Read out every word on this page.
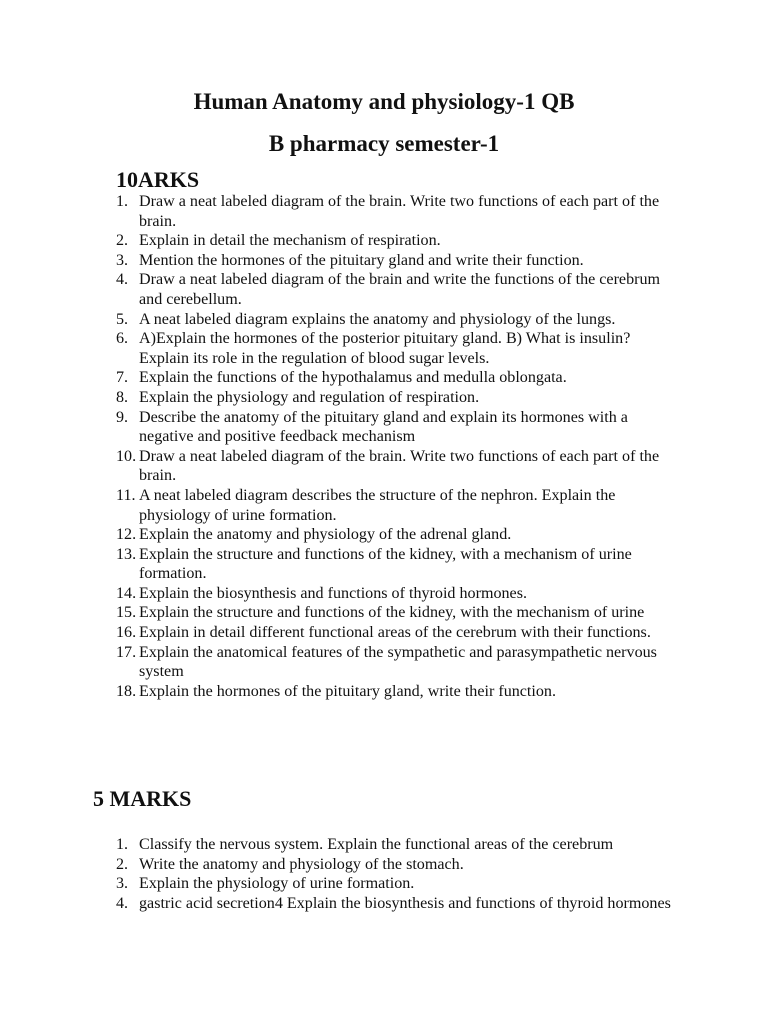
Human Anatomy and physiology-1 QB
B pharmacy semester-1
10ARKS
1. Draw a neat labeled diagram of the brain. Write two functions of each part of the brain.
2. Explain in detail the mechanism of respiration.
3. Mention the hormones of the pituitary gland and write their function.
4. Draw a neat labeled diagram of the brain and write the functions of the cerebrum and cerebellum.
5. A neat labeled diagram explains the anatomy and physiology of the lungs.
6. A)Explain the hormones of the posterior pituitary gland. B) What is insulin? Explain its role in the regulation of blood sugar levels.
7. Explain the functions of the hypothalamus and medulla oblongata.
8. Explain the physiology and regulation of respiration.
9. Describe the anatomy of the pituitary gland and explain its hormones with a negative and positive feedback mechanism
10. Draw a neat labeled diagram of the brain. Write two functions of each part of the brain.
11. A neat labeled diagram describes the structure of the nephron. Explain the physiology of urine formation.
12. Explain the anatomy and physiology of the adrenal gland.
13. Explain the structure and functions of the kidney, with a mechanism of urine formation.
14. Explain the biosynthesis and functions of thyroid hormones.
15. Explain the structure and functions of the kidney, with the mechanism of urine
16. Explain in detail different functional areas of the cerebrum with their functions.
17. Explain the anatomical features of the sympathetic and parasympathetic nervous system
18. Explain the hormones of the pituitary gland, write their function.
5 MARKS
1. Classify the nervous system. Explain the functional areas of the cerebrum
2. Write the anatomy and physiology of the stomach.
3. Explain the physiology of urine formation.
4. gastric acid secretion4 Explain the biosynthesis and functions of thyroid hormones
